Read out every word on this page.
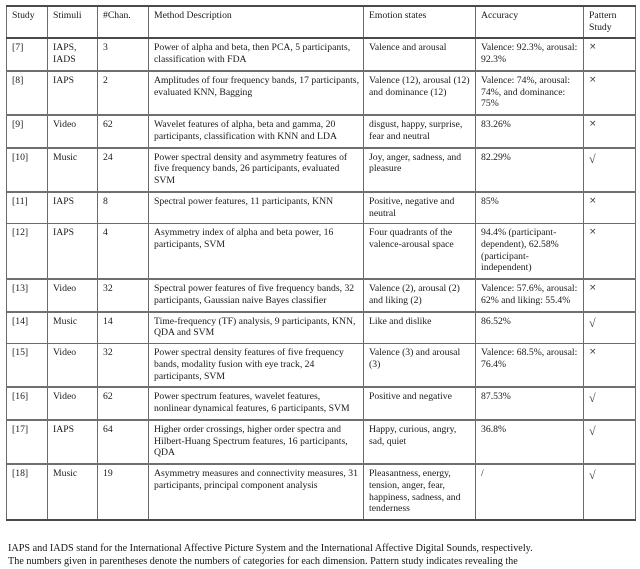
Study	Stimuli	#Chan.	Method Description	Emotion states	Accuracy	Pattern
Study

[7]	IAPS, IADS	3	Power of alpha and beta, then PCA, 5 participants, classification with FDA	Valence and arousal	Valence: 92.3%, arousal: 92.3%	×
[8]	IAPS	2	Amplitudes of four frequency bands, 17 participants, evaluated KNN, Bagging	Valence (12), arousal (12) and dominance (12)	Valence: 74%, arousal: 74%, and dominance: 75%	×
[9]	Video	62	Wavelet features of alpha, beta and gamma, 20 participants, classification with KNN and LDA	disgust, happy, surprise, fear and neutral	83.26%	×
[10]	Music	24	Power spectral density and asymmetry features of five frequency bands, 26 participants, evaluated SVM	Joy, anger, sadness, and pleasure	82.29%	√
[11]	IAPS	8	Spectral power features, 11 participants, KNN	Positive, negative and neutral	85%	×
[12]	IAPS	4	Asymmetry index of alpha and beta power, 16 participants, SVM	Four quadrants of the valence-arousal space	94.4% (participant-dependent), 62.58% (participant-independent)	×
[13]	Video	32	Spectral power features of five frequency bands, 32 participants, Gaussian naive Bayes classifier	Valence (2), arousal (2) and liking (2)	Valence: 57.6%, arousal: 62% and liking: 55.4%	×
[14]	Music	14	Time-frequency (TF) analysis, 9 participants, KNN, QDA and SVM	Like and dislike	86.52%	√
[15]	Video	32	Power spectral density features of five frequency bands, modality fusion with eye track, 24 participants, SVM	Valence (3) and arousal (3)	Valence: 68.5%, arousal: 76.4%	×
[16]	Video	62	Power spectrum features, wavelet features, nonlinear dynamical features, 6 participants, SVM	Positive and negative	87.53%	√
[17]	IAPS	64	Higher order crossings, higher order spectra and Hilbert-Huang Spectrum features, 16 participants, QDA	Happy, curious, angry, sad, quiet	36.8%	√
[18]	Music	19	Asymmetry measures and connectivity measures, 31 participants, principal component analysis	Pleasantness, energy, tension, anger, fear, happiness, sadness, and tenderness	/	√
IAPS and IADS stand for the International Affective Picture System and the International Affective Digital Sounds, respectively.
The numbers given in parentheses denote the numbers of categories for each dimension. Pattern study indicates revealing the
